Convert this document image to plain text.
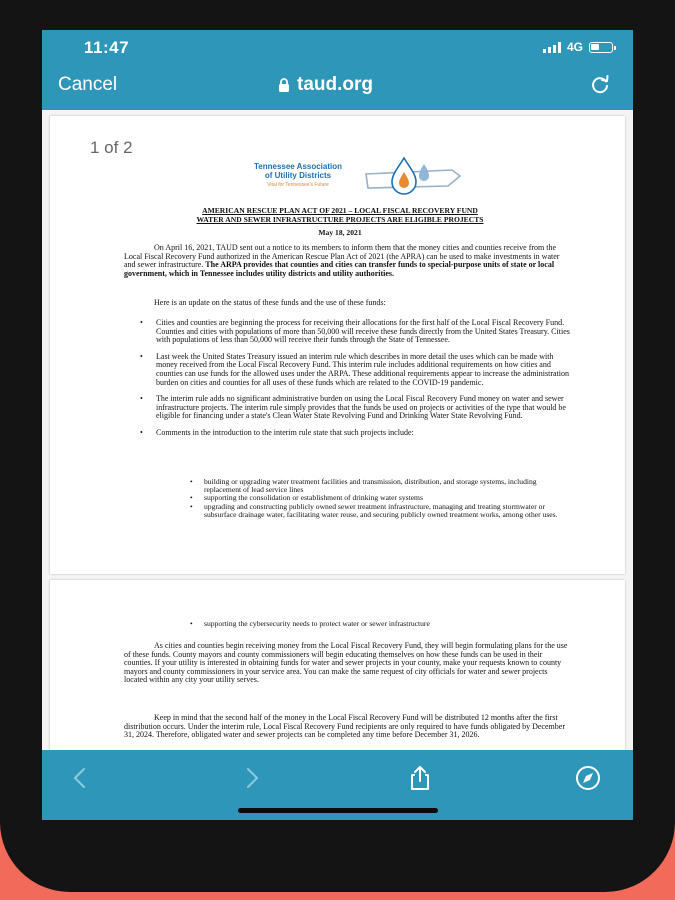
11:47	4G
Cancel	taud.org
1 of 2
Tennessee Association
of Utility Districts
Vital for Tennessee's Future
AMERICAN RESCUE PLAN ACT OF 2021 – LOCAL FISCAL RECOVERY FUND
WATER AND SEWER INFRASTRUCTURE PROJECTS ARE ELIGIBLE PROJECTS
May 18, 2021
On April 16, 2021, TAUD sent out a notice to its members to inform them that the money cities and counties receive from the Local Fiscal Recovery Fund authorized in the American Rescue Plan Act of 2021 (the APRA) can be used to make investments in water and sewer infrastructure. The ARPA provides that counties and cities can transfer funds to special-purpose units of state or local government, which in Tennessee includes utility districts and utility authorities.
Here is an update on the status of these funds and the use of these funds:
• Cities and counties are beginning the process for receiving their allocations for the first half of the Local Fiscal Recovery Fund. Counties and cities with populations of more than 50,000 will receive these funds directly from the United States Treasury. Cities with populations of less than 50,000 will receive their funds through the State of Tennessee.
• Last week the United States Treasury issued an interim rule which describes in more detail the uses which can be made with money received from the Local Fiscal Recovery Fund. This interim rule includes additional requirements on how cities and counties can use funds for the allowed uses under the ARPA. These additional requirements appear to increase the administration burden on cities and counties for all uses of these funds which are related to the COVID-19 pandemic.
• The interim rule adds no significant administrative burden on using the Local Fiscal Recovery Fund money on water and sewer infrastructure projects. The interim rule simply provides that the funds be used on projects or activities of the type that would be eligible for financing under a state's Clean Water State Revolving Fund and Drinking Water State Revolving Fund.
• Comments in the introduction to the interim rule state that such projects include:
• building or upgrading water treatment facilities and transmission, distribution, and storage systems, including replacement of lead service lines
• supporting the consolidation or establishment of drinking water systems
• upgrading and constructing publicly owned sewer treatment infrastructure, managing and treating stormwater or subsurface drainage water, facilitating water reuse, and securing publicly owned treatment works, among other uses.
• supporting the cybersecurity needs to protect water or sewer infrastructure
As cities and counties begin receiving money from the Local Fiscal Recovery Fund, they will begin formulating plans for the use of these funds. County mayors and county commissioners will begin educating themselves on how these funds can be used in their counties. If your utility is interested in obtaining funds for water and sewer projects in your county, make your requests known to county mayors and county commissioners in your service area. You can make the same request of city officials for water and sewer projects located within any city your utility serves.
Keep in mind that the second half of the money in the Local Fiscal Recovery Fund will be distributed 12 months after the first distribution occurs. Under the interim rule, Local Fiscal Recovery Fund recipients are only required to have funds obligated by December 31, 2024. Therefore, obligated water and sewer projects can be completed any time before December 31, 2026.
